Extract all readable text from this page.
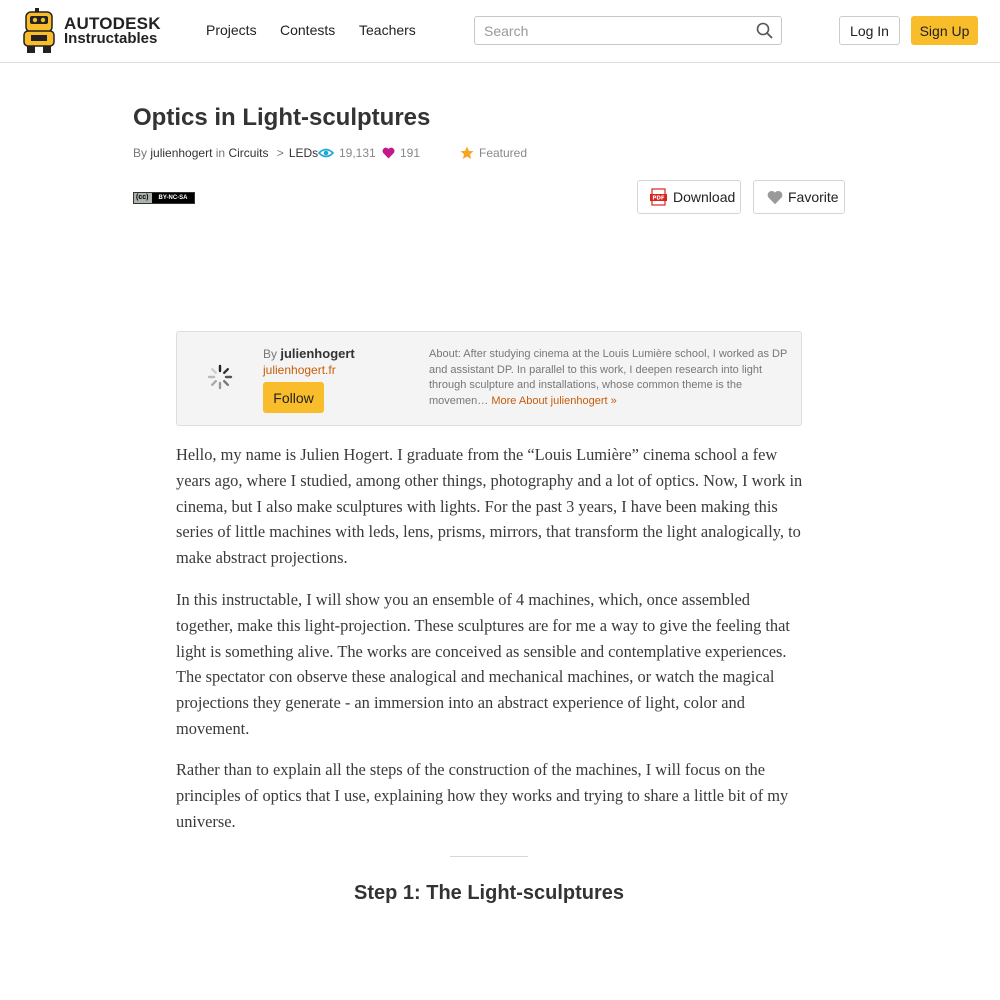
AUTODESK
Instructables	Projects Contests Teachers
Search	Log In	Sign Up
Optics in Light-sculptures
By julienhogert in Circuits > LEDs 19,131 191	Featured
(cc)	BY-NC-SA	PDF Download	Favorite
By julienhogert
julienhogert.fr
Follow
About: After studying cinema at the Louis Lumière school, I worked as DP and assistant DP. In parallel to this work, I deepen research into light through sculpture and installations, whose common theme is the movemen… More About julienhogert »

Hello, my name is Julien Hogert. I graduate from the “Louis Lumière” cinema school a few years ago, where I studied, among other things, photography and a lot of optics. Now, I work in cinema, but I also make sculptures with lights. For the past 3 years, I have been making this series of little machines with leds, lens, prisms, mirrors, that transform the light analogically, to make abstract projections.

In this instructable, I will show you an ensemble of 4 machines, which, once assembled together, make this light-projection. These sculptures are for me a way to give the feeling that light is something alive. The works are conceived as sensible and contemplative experiences. The spectator con observe these analogical and mechanical machines, or watch the magical projections they generate - an immersion into an abstract experience of light, color and movement.

Rather than to explain all the steps of the construction of the machines, I will focus on the principles of optics that I use, explaining how they works and trying to share a little bit of my universe.

Step 1: The Light-sculptures
